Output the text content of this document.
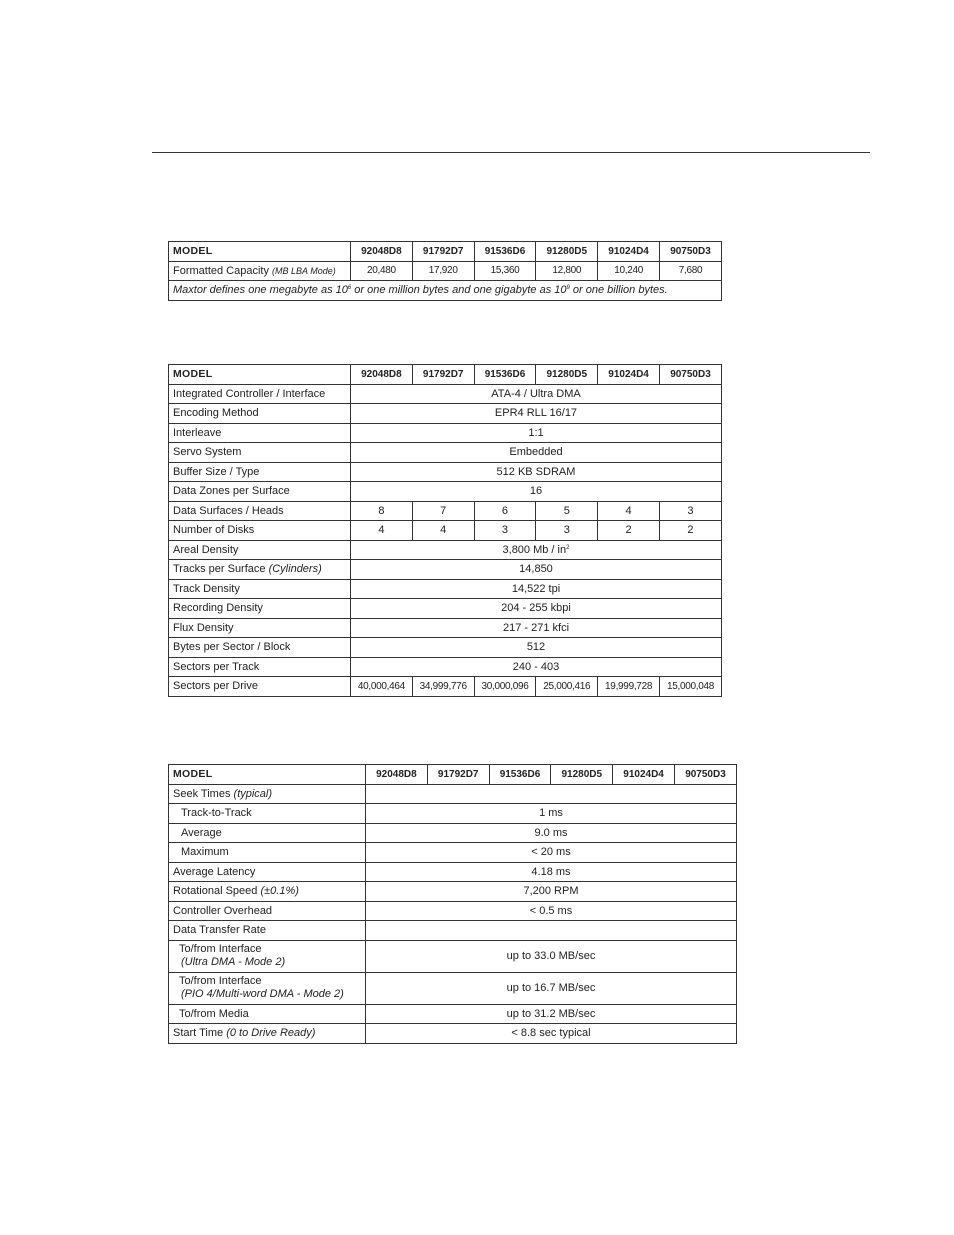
MODEL	92048D8	91792D7	91536D6	91280D5	91024D4	90750D3
Formatted Capacity (MB LBA Mode)	20,480	17,920	15,360	12,800	10,240	7,680
Maxtor defines one megabyte as $10^6$ or one million bytes and one gigabyte as $10^9$ or one billion bytes.						
MODEL	92048D8	91792D7	91536D6	91280D5	91024D4	90750D3
Integrated Controller / Interface	ATA-4 / Ultra DMA					
Encoding Method	EPR4 RLL 16/17					
Interleave	1:1					
Servo System	Embedded					
Buffer Size / Type	512 KB SDRAM					
Data Zones per Surface	16					
Data Surfaces / Heads	8	7	6	5	4	3
Number of Disks	4	4	3	3	2	2
Areal Density	3,800 Mb / $in^2$
Tracks per Surface (Cylinders)	14,850					
Track Density	14,522 tpi					
Recording Density	204 - 255 kbpi					
Flux Density	217 - 271 kfci					
Bytes per Sector / Block	512					
Sectors per Track	240 - 403					
Sectors per Drive	40,000,464	34,999,776	30,000,096	25,000,416	19,999,728	15,000,048
MODEL	92048D8	91792D7	91536D6	91280D5	91024D4	90750D3
Seek Times (typical)						
Track-to-Track	1 ms					
Average	9.0 ms					
Maximum	< 20 ms					
Average Latency	4.18 ms					
Rotational Speed (±0.1%)	7,200 RPM					
Controller Overhead	< 0.5 ms					
Data Transfer Rate						

To/from Interface
(Ultra DMA - Mode 2)	up to 33.0 MB/sec					

To/from Interface
(PIO 4/Multi-word DMA - Mode 2)	up to 16.7 MB/sec					
To/from Media	up to 31.2 MB/sec					
Start Time (0 to Drive Ready)	< 8.8 sec typical					
